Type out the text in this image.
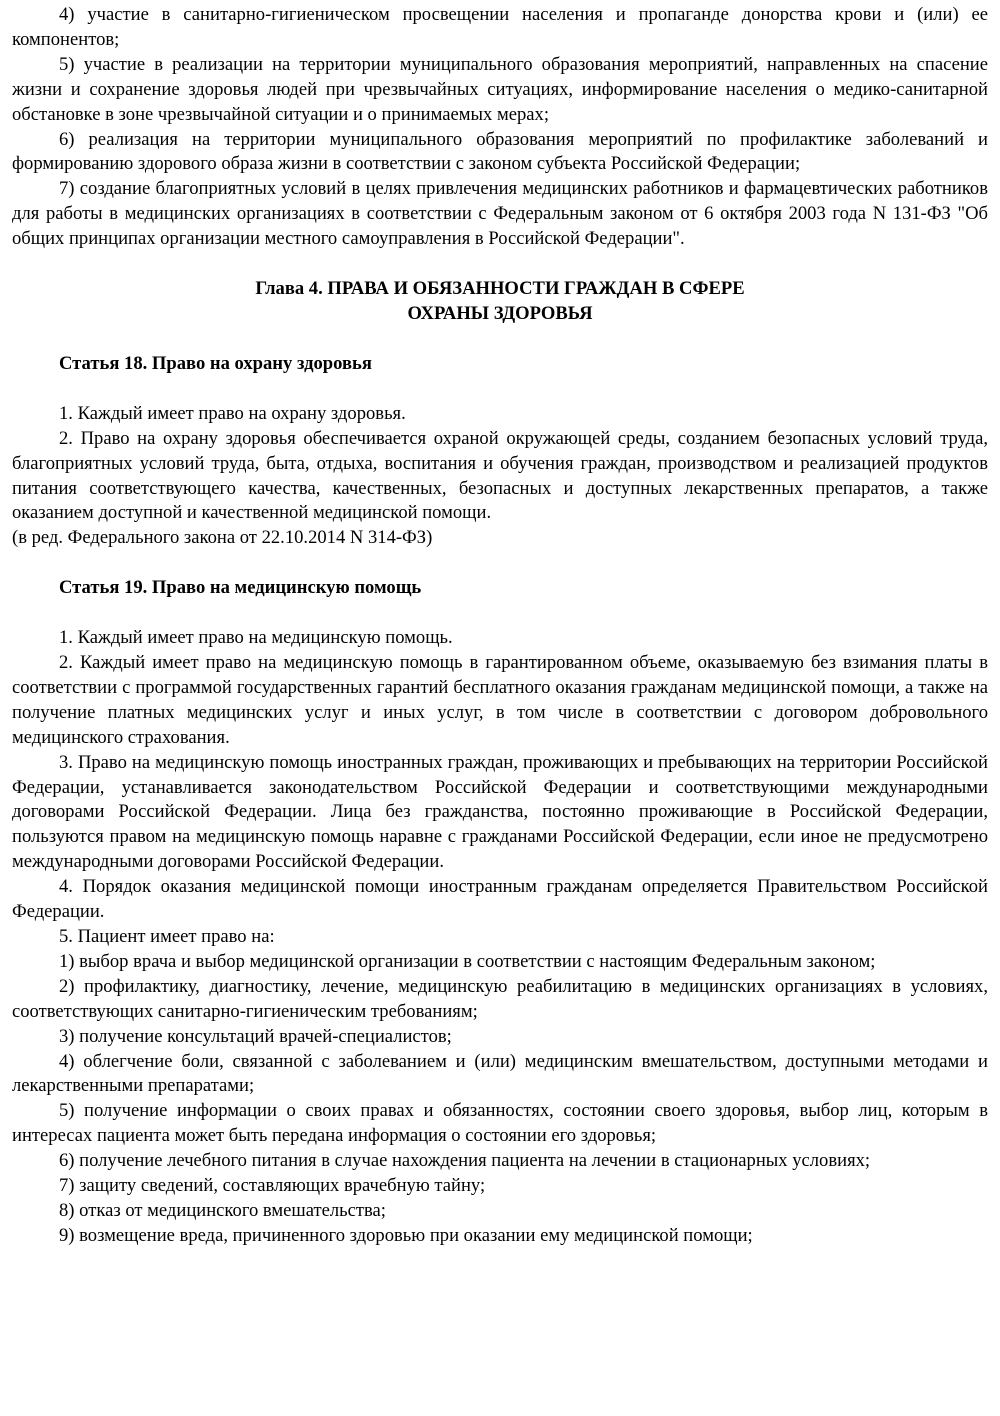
4) участие в санитарно-гигиеническом просвещении населения и пропаганде донорства крови и (или) ее компонентов;

5) участие в реализации на территории муниципального образования мероприятий, направленных на спасение жизни и сохранение здоровья людей при чрезвычайных ситуациях, информирование населения о медико-санитарной обстановке в зоне чрезвычайной ситуации и о принимаемых мерах;

6) реализация на территории муниципального образования мероприятий по профилактике заболеваний и формированию здорового образа жизни в соответствии с законом субъекта Российской Федерации;

7) создание благоприятных условий в целях привлечения медицинских работников и фармацевтических работников для работы в медицинских организациях в соответствии с Федеральным законом от 6 октября 2003 года N 131-ФЗ "Об общих принципах организации местного самоуправления в Российской Федерации".

Глава 4. ПРАВА И ОБЯЗАННОСТИ ГРАЖДАН В СФЕРЕ
ОХРАНЫ ЗДОРОВЬЯ

Статья 18. Право на охрану здоровья

1. Каждый имеет право на охрану здоровья.

2. Право на охрану здоровья обеспечивается охраной окружающей среды, созданием безопасных условий труда, благоприятных условий труда, быта, отдыха, воспитания и обучения граждан, производством и реализацией продуктов питания соответствующего качества, качественных, безопасных и доступных лекарственных препаратов, а также оказанием доступной и качественной медицинской помощи.

(в ред. Федерального закона от 22.10.2014 N 314-ФЗ)

Статья 19. Право на медицинскую помощь

1. Каждый имеет право на медицинскую помощь.

2. Каждый имеет право на медицинскую помощь в гарантированном объеме, оказываемую без взимания платы в соответствии с программой государственных гарантий бесплатного оказания гражданам медицинской помощи, а также на получение платных медицинских услуг и иных услуг, в том числе в соответствии с договором добровольного медицинского страхования.

3. Право на медицинскую помощь иностранных граждан, проживающих и пребывающих на территории Российской Федерации, устанавливается законодательством Российской Федерации и соответствующими международными договорами Российской Федерации. Лица без гражданства, постоянно проживающие в Российской Федерации, пользуются правом на медицинскую помощь наравне с гражданами Российской Федерации, если иное не предусмотрено международными договорами Российской Федерации.

4. Порядок оказания медицинской помощи иностранным гражданам определяется Правительством Российской Федерации.

5. Пациент имеет право на:

1) выбор врача и выбор медицинской организации в соответствии с настоящим Федеральным законом;

2) профилактику, диагностику, лечение, медицинскую реабилитацию в медицинских организациях в условиях, соответствующих санитарно-гигиеническим требованиям;

3) получение консультаций врачей-специалистов;

4) облегчение боли, связанной с заболеванием и (или) медицинским вмешательством, доступными методами и лекарственными препаратами;

5) получение информации о своих правах и обязанностях, состоянии своего здоровья, выбор лиц, которым в интересах пациента может быть передана информация о состоянии его здоровья;

6) получение лечебного питания в случае нахождения пациента на лечении в стационарных условиях;

7) защиту сведений, составляющих врачебную тайну;

8) отказ от медицинского вмешательства;

9) возмещение вреда, причиненного здоровью при оказании ему медицинской помощи;
